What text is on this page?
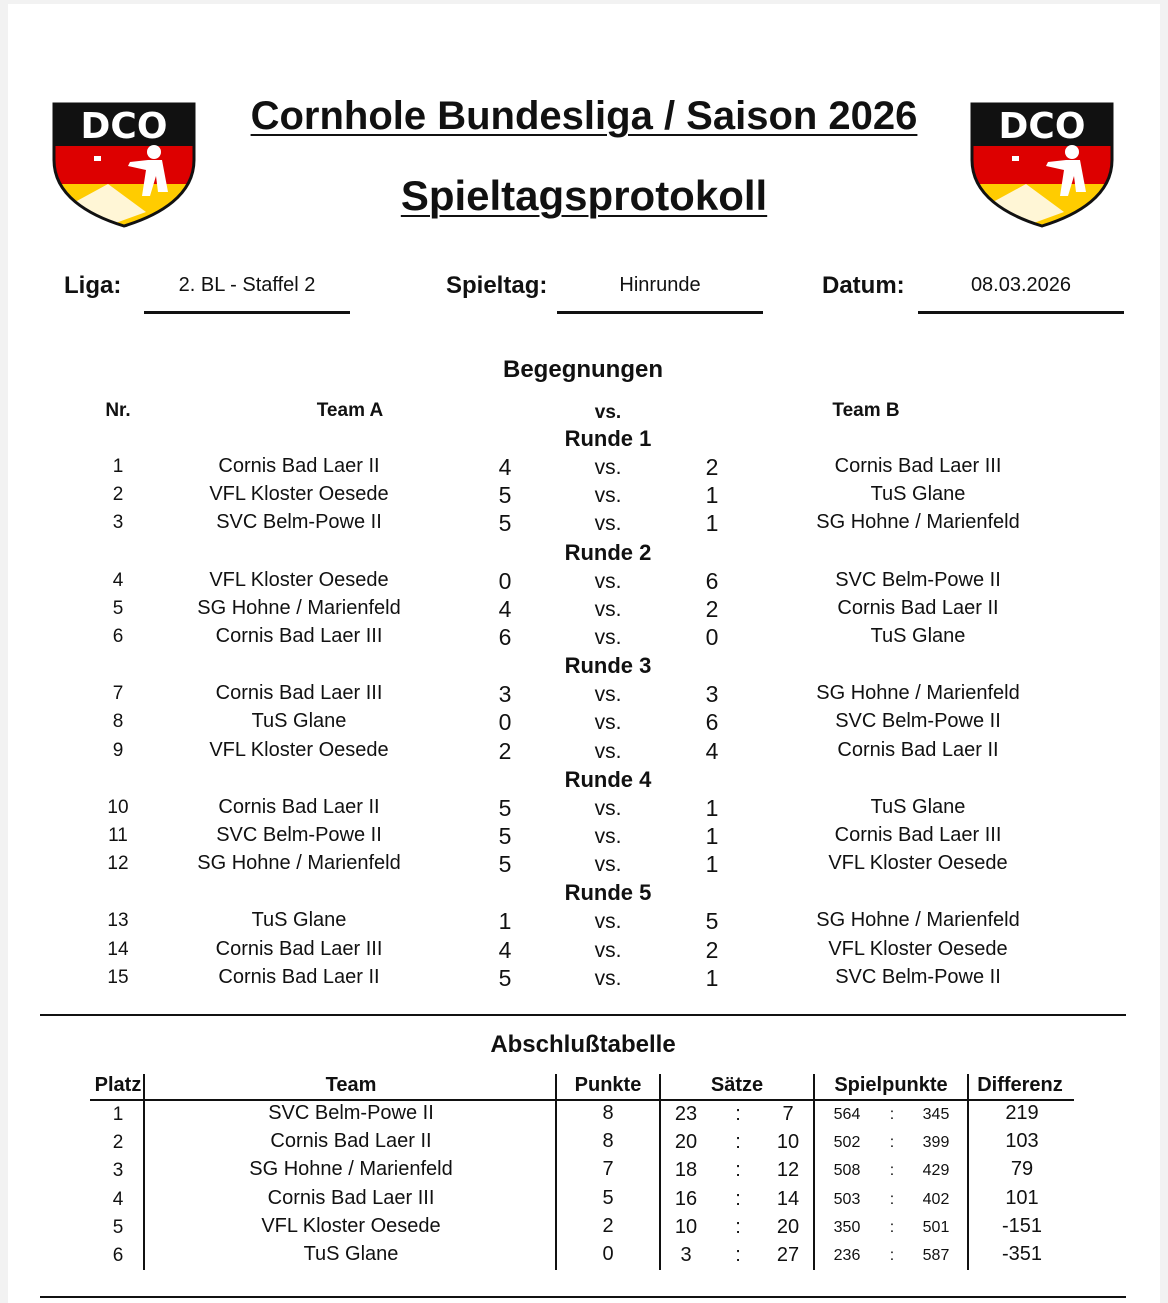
DCO	DCO
Cornhole Bundesliga / Saison 2026
Spieltagsprotokoll
Liga:	2. BL - Staffel 2	Spieltag:	Hinrunde	Datum:	08.03.2026
Begegnungen
Nr.	Team A	vs.	Team B
Runde 1
1	Cornis Bad Laer II	4	vs.	2	Cornis Bad Laer III
2	VFL Kloster Oesede	5	vs.	1	TuS Glane
3	SVC Belm-Powe II	5	vs.	1	SG Hohne / Marienfeld
Runde 2
4	VFL Kloster Oesede	0	vs.	6	SVC Belm-Powe II
5	SG Hohne / Marienfeld	4	vs.	2	Cornis Bad Laer II
6	Cornis Bad Laer III	6	vs.	0	TuS Glane
Runde 3
7	Cornis Bad Laer III	3	vs.	3	SG Hohne / Marienfeld
8	TuS Glane	0	vs.	6	SVC Belm-Powe II
9	VFL Kloster Oesede	2	vs.	4	Cornis Bad Laer II
Runde 4
10	Cornis Bad Laer II	5	vs.	1	TuS Glane
11	SVC Belm-Powe II	5	vs.	1	Cornis Bad Laer III
12	SG Hohne / Marienfeld	5	vs.	1	VFL Kloster Oesede
Runde 5
13	TuS Glane	1	vs.	5	SG Hohne / Marienfeld
14	Cornis Bad Laer III	4	vs.	2	VFL Kloster Oesede
15	Cornis Bad Laer II	5	vs.	1	SVC Belm-Powe II
Abschlußtabelle
Platz	Team	Punkte	Sätze	Spielpunkte	Differenz
1	SVC Belm-Powe II	8	23	:	7	564	:	345	219
2	Cornis Bad Laer II	8	20	:	10	502	:	399	103
3	SG Hohne / Marienfeld	7	18	:	12	508	:	429	79
4	Cornis Bad Laer III	5	16	:	14	503	:	402	101
5	VFL Kloster Oesede	2	10	:	20	350	:	501	-151
6	TuS Glane	0	3	:	27	236	:	587	-351
